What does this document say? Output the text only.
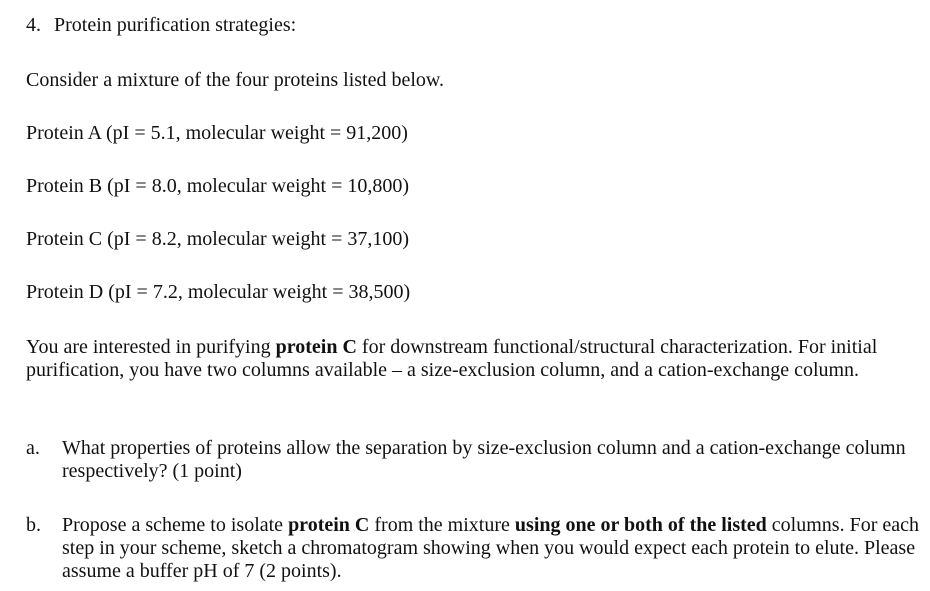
4. Protein purification strategies:
Consider a mixture of the four proteins listed below.
Protein A (pI = 5.1, molecular weight = 91,200)
Protein B (pI = 8.0, molecular weight = 10,800)
Protein C (pI = 8.2, molecular weight = 37,100)
Protein D (pI = 7.2, molecular weight = 38,500)
You are interested in purifying protein C for downstream functional/structural characterization. For initial purification, you have two columns available – a size-exclusion column, and a cation-exchange column.
a. What properties of proteins allow the separation by size-exclusion column and a cation-exchange column respectively? (1 point)
b. Propose a scheme to isolate protein C from the mixture using one or both of the listed columns. For each step in your scheme, sketch a chromatogram showing when you would expect each protein to elute. Please assume a buffer pH of 7 (2 points).
